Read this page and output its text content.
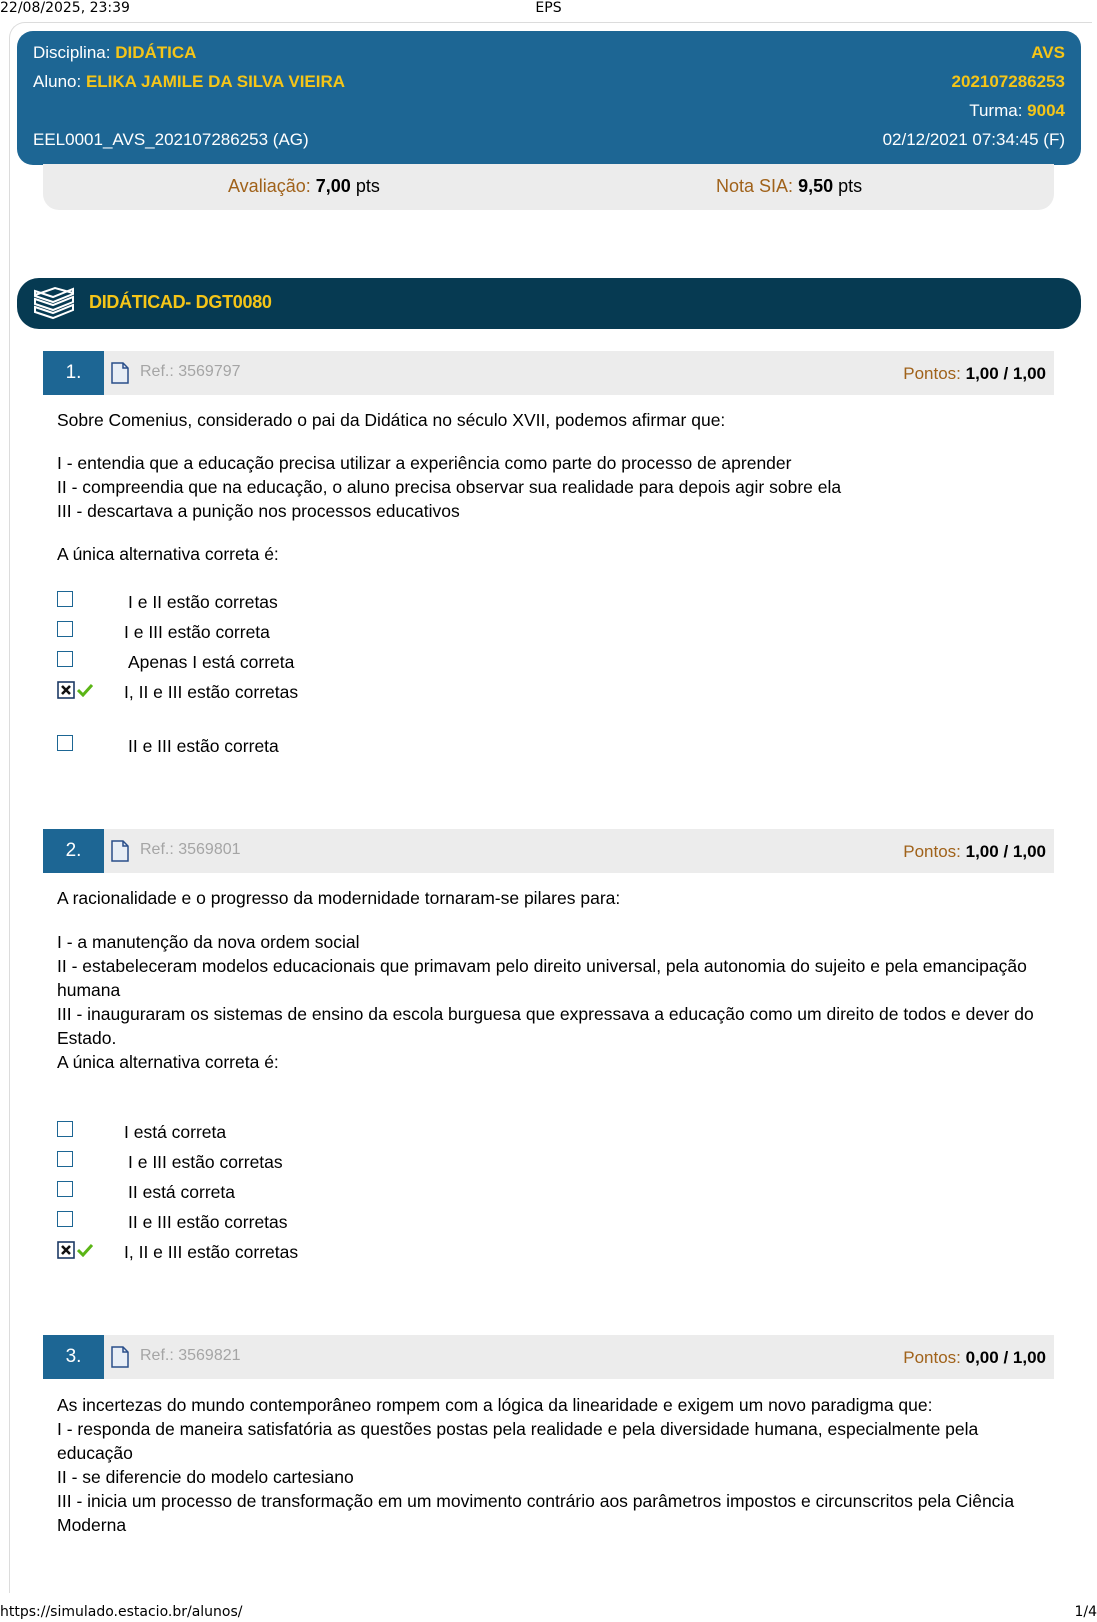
22/08/2025, 23:39	EPS
Disciplina: DIDÁTICA	AVS
Aluno: ELIKA JAMILE DA SILVA VIEIRA	202107286253
Turma: 9004
EEL0001_AVS_202107286253 (AG)	02/12/2021 07:34:45 (F)
Avaliação: 7,00 pts	Nota SIA: 9,50 pts
DIDÁTICAD- DGT0080
1.	Ref.: 3569797	Pontos: 1,00 / 1,00
Sobre Comenius, considerado o pai da Didática no século XVII, podemos afirmar que:
I - entendia que a educação precisa utilizar a experiência como parte do processo de aprender
II - compreendia que na educação, o aluno precisa observar sua realidade para depois agir sobre ela
III - descartava a punição nos processos educativos
A única alternativa correta é:
I e II estão corretas
I e III estão correta
Apenas I está correta
I, II e III estão corretas
II e III estão correta
2.	Ref.: 3569801	Pontos: 1,00 / 1,00
A racionalidade e o progresso da modernidade tornaram-se pilares para:
I - a manutenção da nova ordem social
II - estabeleceram modelos educacionais que primavam pelo direito universal, pela autonomia do sujeito e pela emancipação humana
III - inauguraram os sistemas de ensino da escola burguesa que expressava a educação como um direito de todos e dever do Estado.
A única alternativa correta é:
I está correta
I e III estão corretas
II está correta
II e III estão corretas
I, II e III estão corretas
3.	Ref.: 3569821	Pontos: 0,00 / 1,00
As incertezas do mundo contemporâneo rompem com a lógica da linearidade e exigem um novo paradigma que:
I - responda de maneira satisfatória as questões postas pela realidade e pela diversidade humana, especialmente pela educação
II - se diferencie do modelo cartesiano
III - inicia um processo de transformação em um movimento contrário aos parâmetros impostos e circunscritos pela Ciência Moderna
https://simulado.estacio.br/alunos/	1/4
